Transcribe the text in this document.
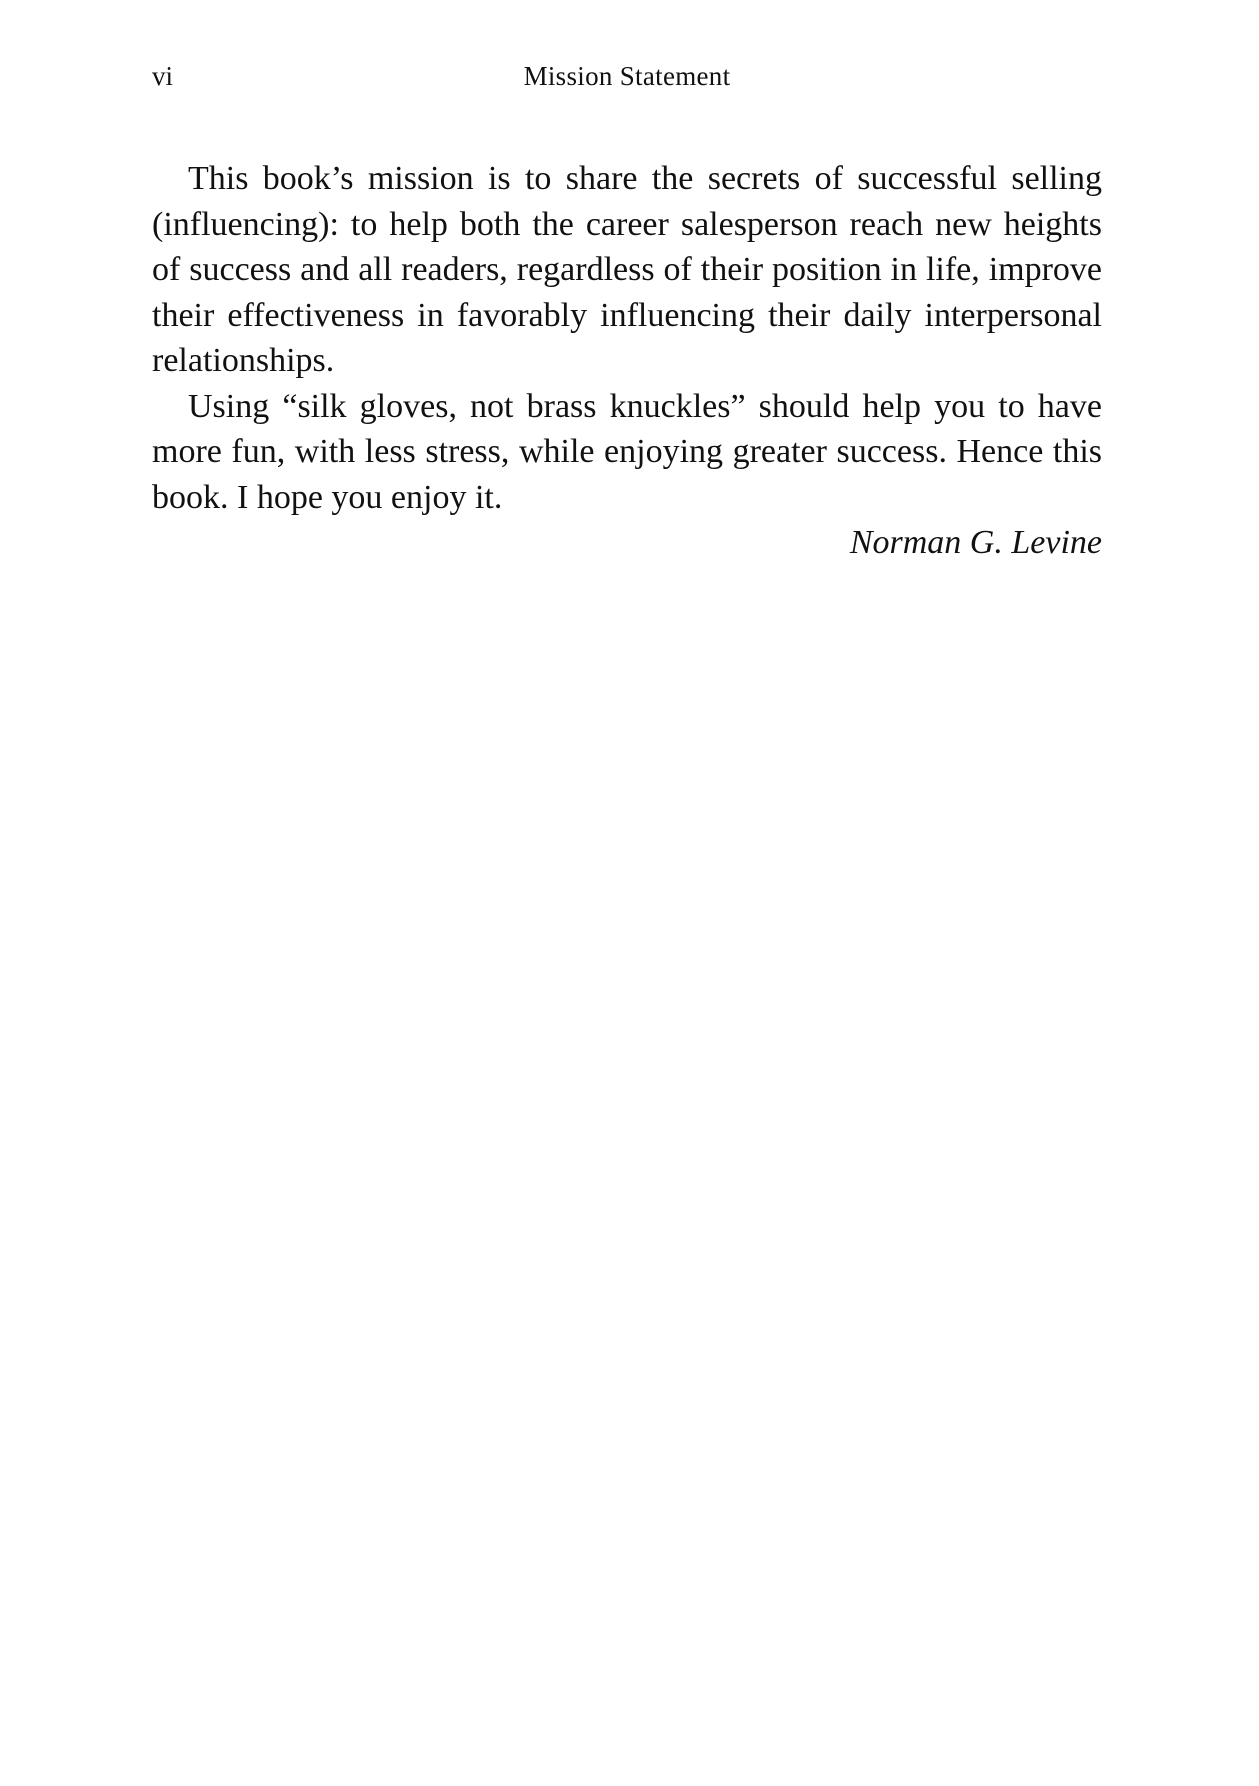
vi	Mission Statement

This book’s mission is to share the secrets of successful selling (influencing): to help both the career salesperson reach new heights of success and all readers, regardless of their position in life, improve their effectiveness in favorably influencing their daily interpersonal relationships.

Using “silk gloves, not brass knuckles” should help you to have more fun, with less stress, while enjoying greater success. Hence this book. I hope you enjoy it.

Norman G. Levine
